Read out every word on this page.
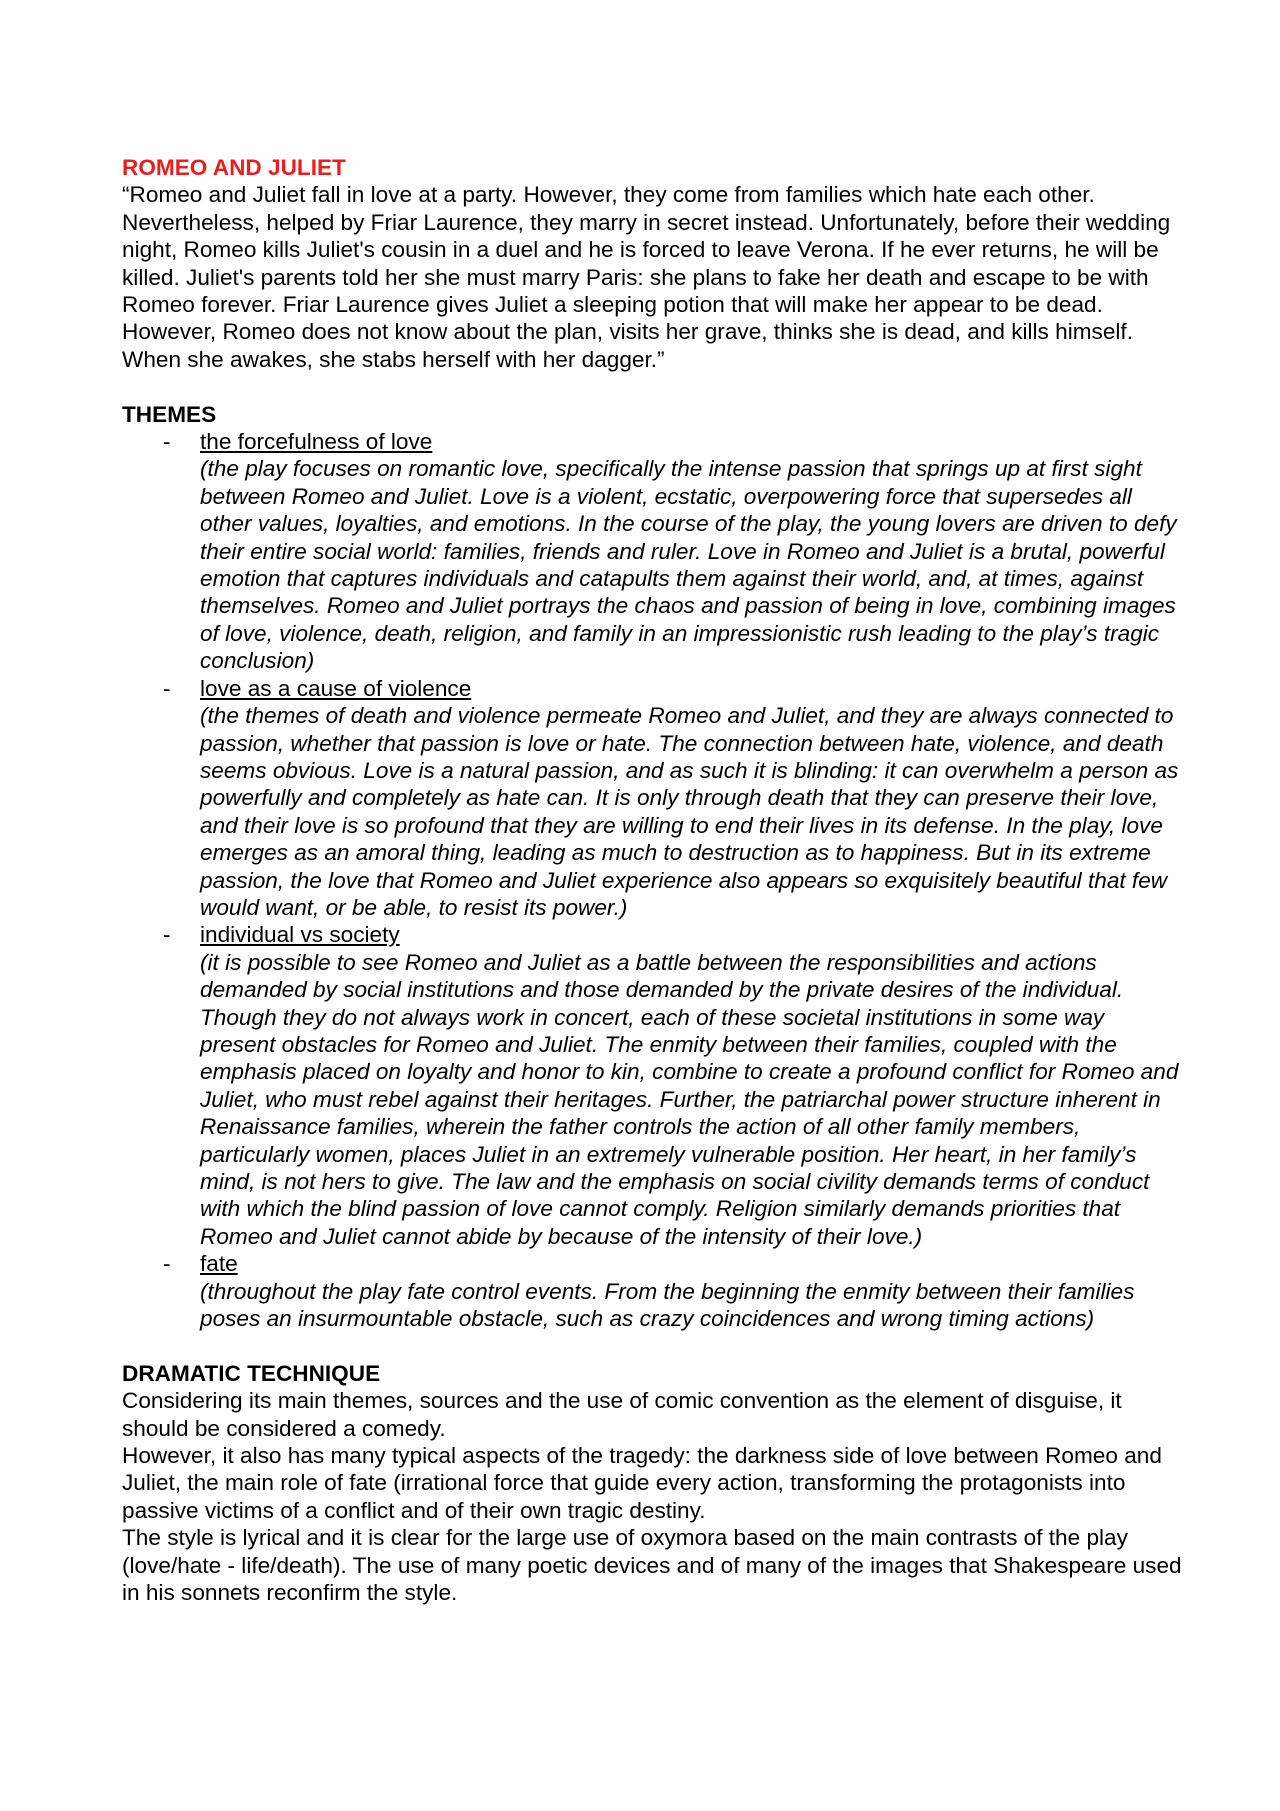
ROMEO AND JULIET

“Romeo and Juliet fall in love at a party. However, they come from families which hate each other. Nevertheless, helped by Friar Laurence, they marry in secret instead. Unfortunately, before their wedding night, Romeo kills Juliet's cousin in a duel and he is forced to leave Verona. If he ever returns, he will be killed. Juliet's parents told her she must marry Paris: she plans to fake her death and escape to be with Romeo forever. Friar Laurence gives Juliet a sleeping potion that will make her appear to be dead. However, Romeo does not know about the plan, visits her grave, thinks she is dead, and kills himself. When she awakes, she stabs herself with her dagger.”

THEMES
- the forcefulness of love
(the play focuses on romantic love, specifically the intense passion that springs up at first sight between Romeo and Juliet. Love is a violent, ecstatic, overpowering force that supersedes all other values, loyalties, and emotions. In the course of the play, the young lovers are driven to defy their entire social world: families, friends and ruler. Love in Romeo and Juliet is a brutal, powerful emotion that captures individuals and catapults them against their world, and, at times, against themselves. Romeo and Juliet portrays the chaos and passion of being in love, combining images of love, violence, death, religion, and family in an impressionistic rush leading to the play’s tragic conclusion)
- love as a cause of violence
(the themes of death and violence permeate Romeo and Juliet, and they are always connected to passion, whether that passion is love or hate. The connection between hate, violence, and death seems obvious. Love is a natural passion, and as such it is blinding: it can overwhelm a person as powerfully and completely as hate can. It is only through death that they can preserve their love, and their love is so profound that they are willing to end their lives in its defense. In the play, love emerges as an amoral thing, leading as much to destruction as to happiness. But in its extreme passion, the love that Romeo and Juliet experience also appears so exquisitely beautiful that few would want, or be able, to resist its power.)
- individual vs society
(it is possible to see Romeo and Juliet as a battle between the responsibilities and actions demanded by social institutions and those demanded by the private desires of the individual. Though they do not always work in concert, each of these societal institutions in some way present obstacles for Romeo and Juliet. The enmity between their families, coupled with the emphasis placed on loyalty and honor to kin, combine to create a profound conflict for Romeo and Juliet, who must rebel against their heritages. Further, the patriarchal power structure inherent in Renaissance families, wherein the father controls the action of all other family members, particularly women, places Juliet in an extremely vulnerable position. Her heart, in her family’s mind, is not hers to give. The law and the emphasis on social civility demands terms of conduct with which the blind passion of love cannot comply. Religion similarly demands priorities that Romeo and Juliet cannot abide by because of the intensity of their love.)
- fate
(throughout the play fate control events. From the beginning the enmity between their families poses an insurmountable obstacle, such as crazy coincidences and wrong timing actions)
DRAMATIC TECHNIQUE

Considering its main themes, sources and the use of comic convention as the element of disguise, it should be considered a comedy.

However, it also has many typical aspects of the tragedy: the darkness side of love between Romeo and Juliet, the main role of fate (irrational force that guide every action, transforming the protagonists into passive victims of a conflict and of their own tragic destiny.

The style is lyrical and it is clear for the large use of oxymora based on the main contrasts of the play (love/hate - life/death). The use of many poetic devices and of many of the images that Shakespeare used in his sonnets reconfirm the style.
